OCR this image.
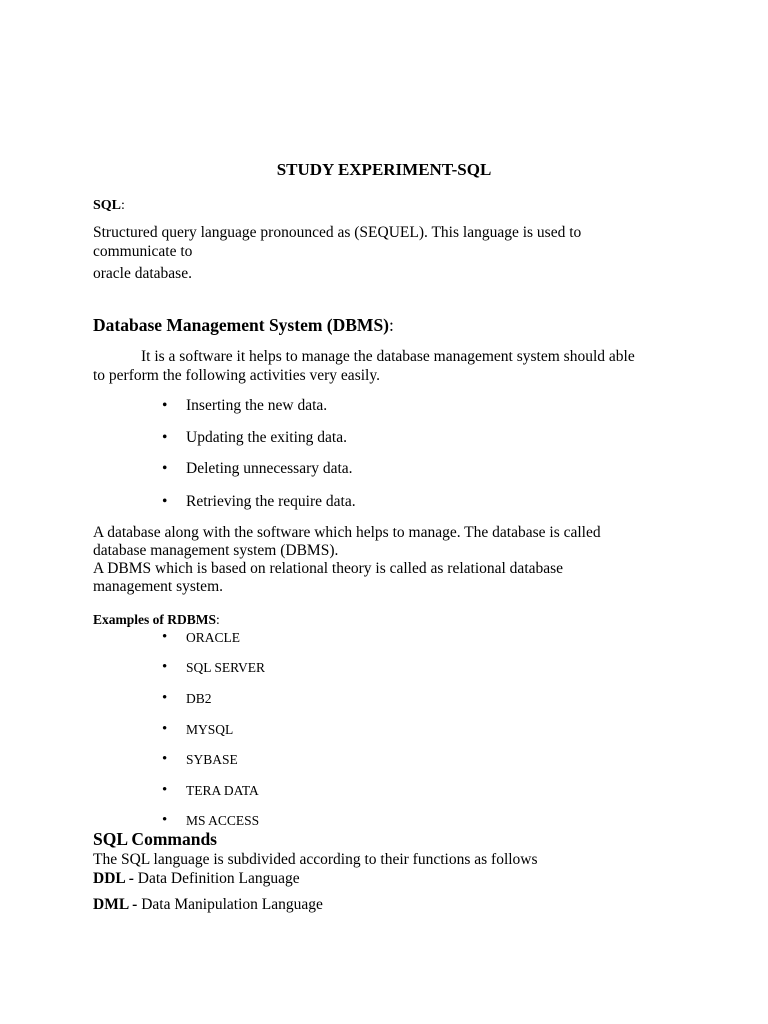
STUDY EXPERIMENT-SQL
SQL:
Structured query language pronounced as (SEQUEL). This language is used to
communicate to
oracle database.
Database Management System (DBMS):
It is a software it helps to manage the database management system should able
to perform the following activities very easily.
• Inserting the new data.
• Updating the exiting data.
• Deleting unnecessary data.
• Retrieving the require data.
A database along with the software which helps to manage. The database is called
database management system (DBMS).
A DBMS which is based on relational theory is called as relational database
management system.
Examples of RDBMS:
• ORACLE
• SQL SERVER
• DB2
• MYSQL
• SYBASE
• TERA DATA
• MS ACCESS
SQL Commands
The SQL language is subdivided according to their functions as follows
DDL - Data Definition Language
DML - Data Manipulation Language
